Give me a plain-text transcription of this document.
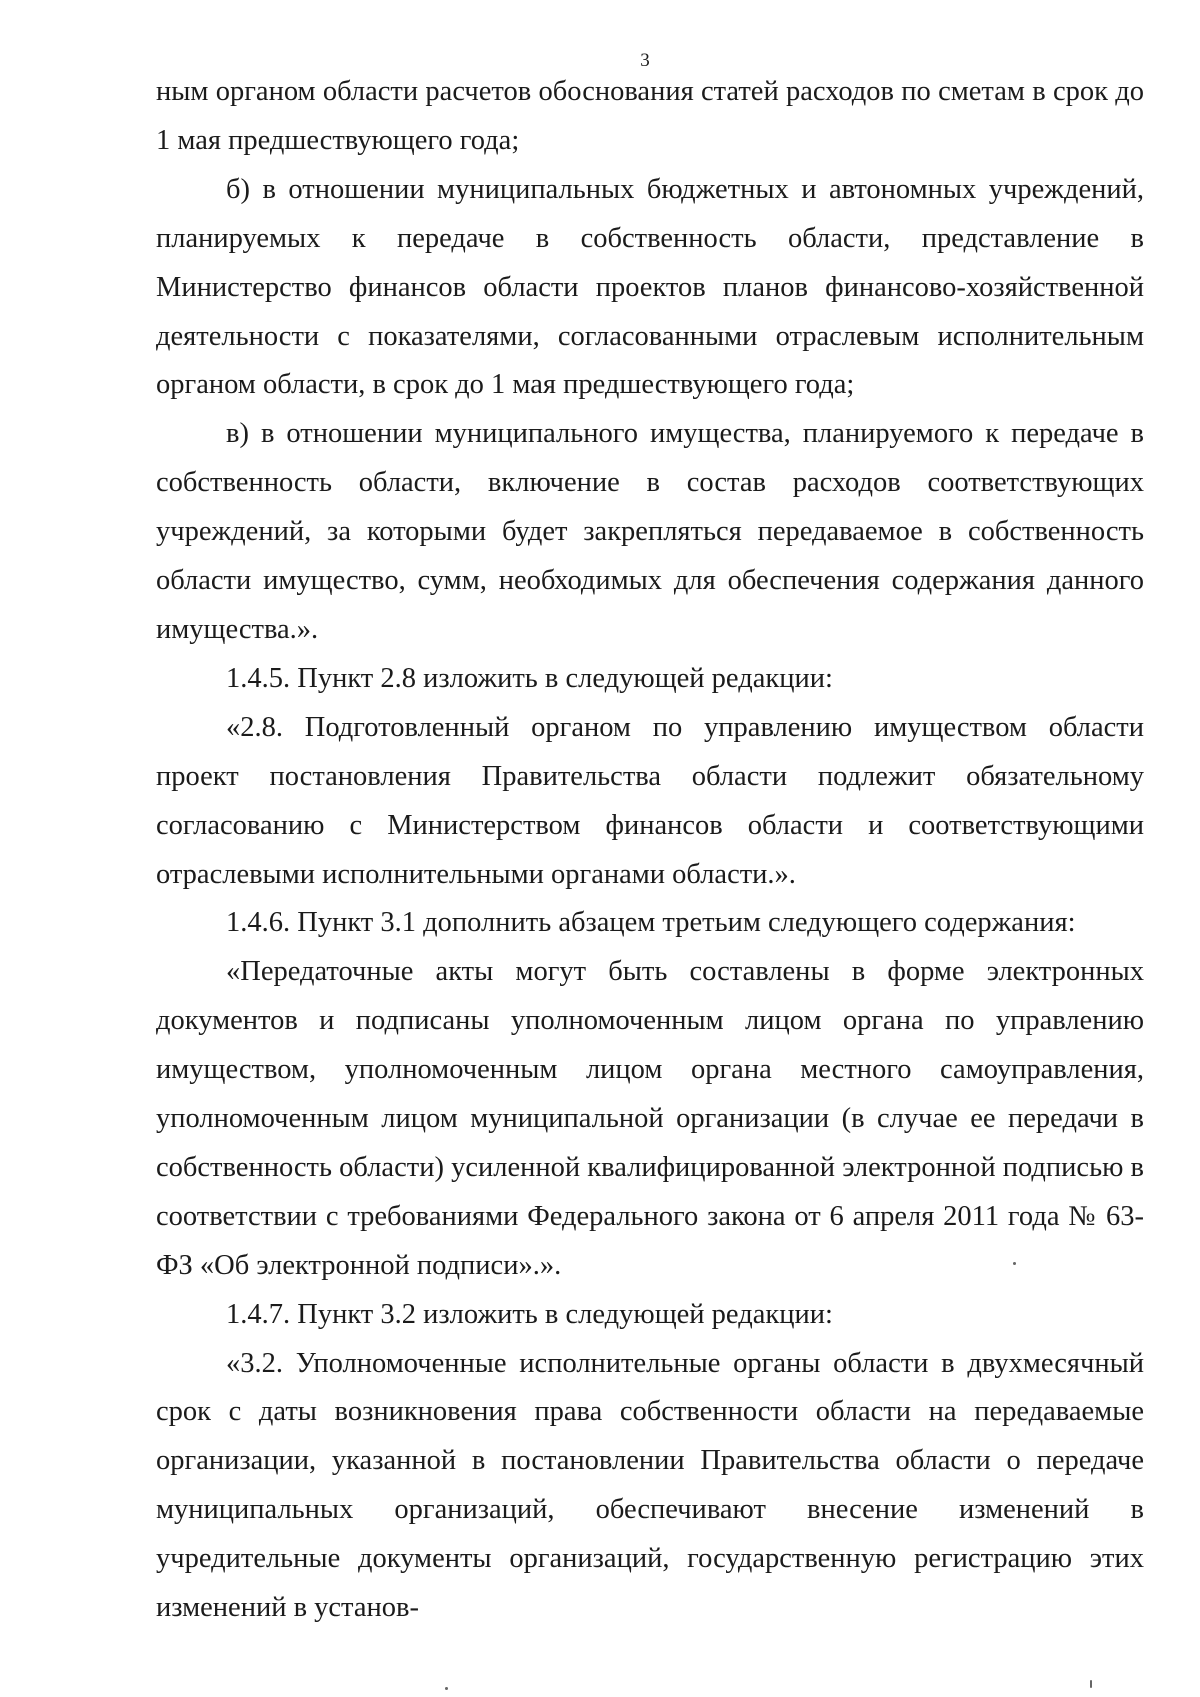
3

ным органом области расчетов обоснования статей расходов по сметам в срок до 1 мая предшествующего года;

б) в отношении муниципальных бюджетных и автономных учреждений, планируемых к передаче в собственность области, представление в Министерство финансов области проектов планов финансово-хозяйственной деятельности с показателями, согласованными отраслевым исполнительным органом области, в срок до 1 мая предшествующего года;

в) в отношении муниципального имущества, планируемого к передаче в собственность области, включение в состав расходов соответствующих учреждений, за которыми будет закрепляться передаваемое в собственность области имущество, сумм, необходимых для обеспечения содержания данного имущества.».

1.4.5. Пункт 2.8 изложить в следующей редакции:

«2.8. Подготовленный органом по управлению имуществом области проект постановления Правительства области подлежит обязательному согласованию с Министерством финансов области и соответствующими отраслевыми исполнительными органами области.».

1.4.6. Пункт 3.1 дополнить абзацем третьим следующего содержания:

«Передаточные акты могут быть составлены в форме электронных документов и подписаны уполномоченным лицом органа по управлению имуществом, уполномоченным лицом органа местного самоуправления, уполномоченным лицом муниципальной организации (в случае ее передачи в собственность области) усиленной квалифицированной электронной подписью в соответствии с требованиями Федерального закона от 6 апреля 2011 года № 63-ФЗ «Об электронной подписи».».

1.4.7. Пункт 3.2 изложить в следующей редакции:

«3.2. Уполномоченные исполнительные органы области в двухмесячный срок с даты возникновения права собственности области на передаваемые организации, указанной в постановлении Правительства области о передаче муниципальных организаций, обеспечивают внесение изменений в учредительные документы организаций, государственную регистрацию этих изменений в установ-
